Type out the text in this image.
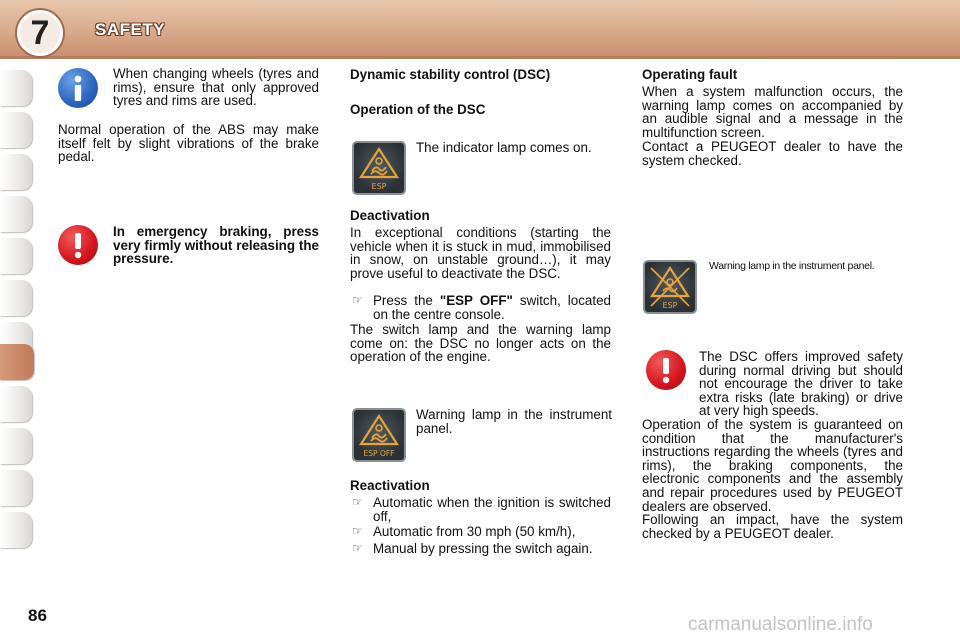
7	SAFETY
When changing wheels (tyres and rims), ensure that only approved tyres and rims are used.
Normal operation of the ABS may make itself felt by slight vibrations of the brake pedal.
In emergency braking, press very firmly without releasing the pressure.
Dynamic stability control (DSC)
Operation of the DSC
ESP
The indicator lamp comes on.
Deactivation
In exceptional conditions (starting the vehicle when it is stuck in mud, immobilised in snow, on unstable ground…), it may prove useful to deactivate the DSC.
☞ Press the "ESP OFF" switch, located on the centre console.
The switch lamp and the warning lamp come on: the DSC no longer acts on the operation of the engine.
ESP OFF
Warning lamp in the instrument panel.
Reactivation
☞ Automatic when the ignition is switched off,
☞ Automatic from 30 mph (50 km/h),
☞ Manual by pressing the switch again.
Operating fault
When a system malfunction occurs, the warning lamp comes on accompanied by an audible signal and a message in the multifunction screen.
Contact a PEUGEOT dealer to have the system checked.
ESP
Warning lamp in the instrument panel.
The DSC offers improved safety during normal driving but should not encourage the driver to take extra risks (late braking) or drive at very high speeds.
Operation of the system is guaranteed on condition that the manufacturer's instructions regarding the wheels (tyres and rims), the braking components, the electronic components and the assembly and repair procedures used by PEUGEOT dealers are observed.
Following an impact, have the system checked by a PEUGEOT dealer.
86	carmanualsonline.info
